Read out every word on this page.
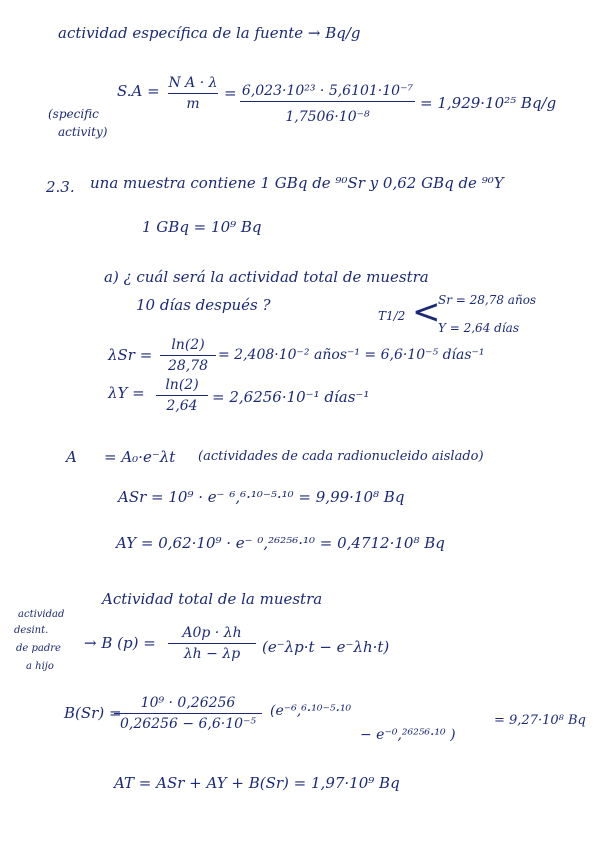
actividad específica de la fuente → Bq/g
S.A = N A · λ
m
= 6,023·10²³ · 5,6101·10⁻⁷
1,7506·10⁻⁸
= 1,929·10²⁵ Bq/g
(specific
activity)
2.3. una muestra contiene 1 GBq de ⁹⁰Sr y 0,62 GBq de ⁹⁰Y
1 GBq = 10⁹ Bq
a) ¿ cuál será la actividad total de muestra
10 días después ?
T1/2 <
Sr = 28,78 años
Y = 2,64 días
λSr =
ln(2)
28,78
= 2,408·10⁻² años⁻¹ = 6,6·10⁻⁵ días⁻¹
λY =	ln(2)
2,64 = 2,6256·10⁻¹ días⁻¹
A = A₀·e⁻λt (actividades de cada radionucleido aislado)
ASr = 10⁹ · e⁻ ⁶,⁶·¹⁰⁻⁵·¹⁰ = 9,99·10⁸ Bq
AY = 0,62·10⁹ · e⁻ ⁰,²⁶²⁵⁶·¹⁰ = 0,4712·10⁸ Bq
Actividad total de la muestra
actividad
desint.
de padre
a hijo
→ B (p) =
A0p · λh
λh − λp	(e⁻λp·t − e⁻λh·t)
B(Sr) =
10⁹ · 0,26256
0,26256 − 6,6·10⁻⁵
(e⁻⁶,⁶·¹⁰⁻⁵·¹⁰
− e⁻⁰,²⁶²⁵⁶·¹⁰ )
= 9,27·10⁸ Bq
AT = ASr + AY + B(Sr) = 1,97·10⁹ Bq
